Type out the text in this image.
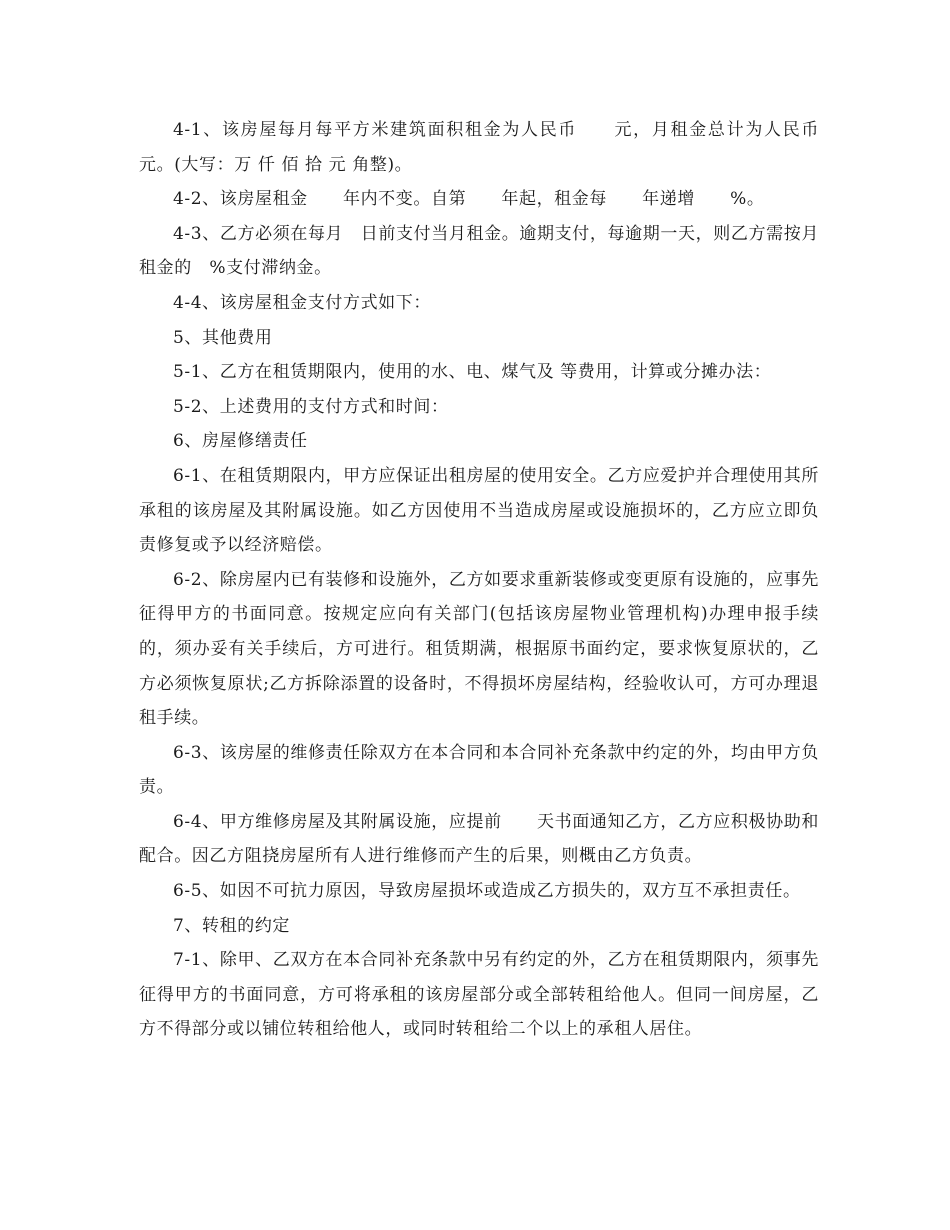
4-1、该房屋每月每平方米建筑面积租金为人民币　　元，月租金总计为人民币　元。(大写：万 仟 佰 拾 元 角整)。

4-2、该房屋租金　　年内不变。自第　　年起，租金每　　年递增　　%。

4-3、乙方必须在每月　日前支付当月租金。逾期支付，每逾期一天，则乙方需按月租金的　%支付滞纳金。

4-4、该房屋租金支付方式如下：

5、其他费用

5-1、乙方在租赁期限内，使用的水、电、煤气及 等费用，计算或分摊办法：

5-2、上述费用的支付方式和时间：

6、房屋修缮责任

6-1、在租赁期限内，甲方应保证出租房屋的使用安全。乙方应爱护并合理使用其所承租的该房屋及其附属设施。如乙方因使用不当造成房屋或设施损坏的，乙方应立即负责修复或予以经济赔偿。

6-2、除房屋内已有装修和设施外，乙方如要求重新装修或变更原有设施的，应事先征得甲方的书面同意。按规定应向有关部门(包括该房屋物业管理机构)办理申报手续的，须办妥有关手续后，方可进行。租赁期满，根据原书面约定，要求恢复原状的，乙方必须恢复原状;乙方拆除添置的设备时，不得损坏房屋结构，经验收认可，方可办理退租手续。

6-3、该房屋的维修责任除双方在本合同和本合同补充条款中约定的外，均由甲方负责。

6-4、甲方维修房屋及其附属设施，应提前　　天书面通知乙方，乙方应积极协助和配合。因乙方阻挠房屋所有人进行维修而产生的后果，则概由乙方负责。

6-5、如因不可抗力原因，导致房屋损坏或造成乙方损失的，双方互不承担责任。

7、转租的约定

7-1、除甲、乙双方在本合同补充条款中另有约定的外，乙方在租赁期限内，须事先征得甲方的书面同意，方可将承租的该房屋部分或全部转租给他人。但同一间房屋，乙方不得部分或以铺位转租给他人，或同时转租给二个以上的承租人居住。
